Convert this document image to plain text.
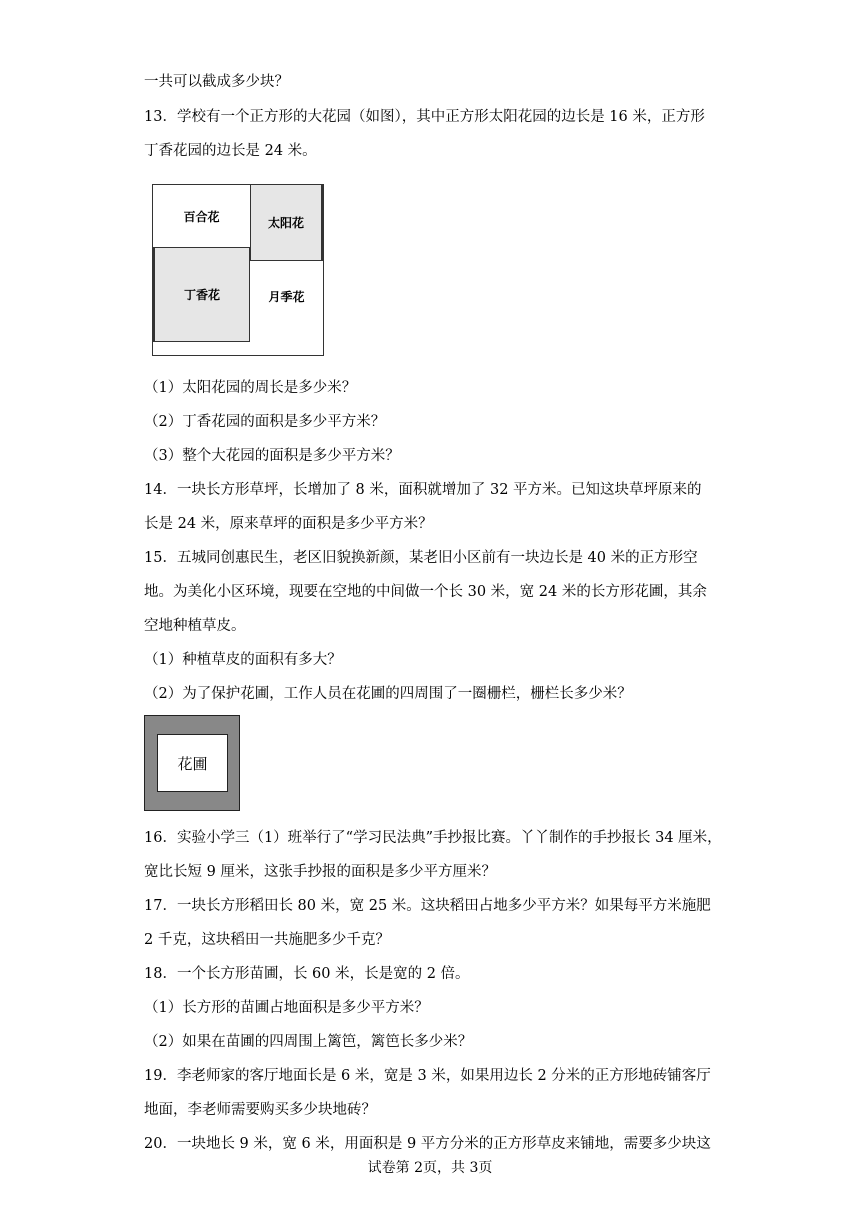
一共可以截成多少块？
13．学校有一个正方形的大花园（如图），其中正方形太阳花园的边长是 16 米，正方形
丁香花园的边长是 24 米。
百合花	太阳花
丁香花	月季花
（1）太阳花园的周长是多少米？
（2）丁香花园的面积是多少平方米？
（3）整个大花园的面积是多少平方米？
14．一块长方形草坪，长增加了 8 米，面积就增加了 32 平方米。已知这块草坪原来的
长是 24 米，原来草坪的面积是多少平方米？
15．五城同创惠民生，老区旧貌换新颜，某老旧小区前有一块边长是 40 米的正方形空
地。为美化小区环境，现要在空地的中间做一个长 30 米，宽 24 米的长方形花圃，其余
空地种植草皮。
（1）种植草皮的面积有多大？
（2）为了保护花圃，工作人员在花圃的四周围了一圈栅栏，栅栏长多少米？
花圃
16．实验小学三（1）班举行了“学习民法典”手抄报比赛。丫丫制作的手抄报长 34 厘米，
宽比长短 9 厘米，这张手抄报的面积是多少平方厘米？
17．一块长方形稻田长 80 米，宽 25 米。这块稻田占地多少平方米？如果每平方米施肥
2 千克，这块稻田一共施肥多少千克？
18．一个长方形苗圃，长 60 米，长是宽的 2 倍。
（1）长方形的苗圃占地面积是多少平方米？
（2）如果在苗圃的四周围上篱笆，篱笆长多少米？
19．李老师家的客厅地面长是 6 米，宽是 3 米，如果用边长 2 分米的正方形地砖铺客厅
地面，李老师需要购买多少块地砖？
20．一块地长 9 米，宽 6 米，用面积是 9 平方分米的正方形草皮来铺地，需要多少块这
试卷第 2页，共 3页
